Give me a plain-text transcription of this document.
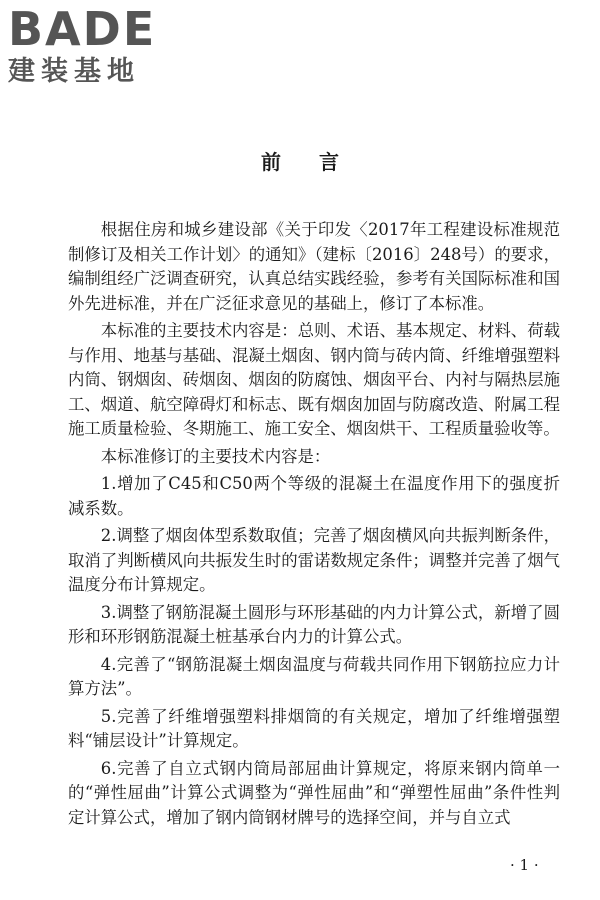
BADE
建装基地
前言

根据住房和城乡建设部《关于印发〈2017年工程建设标准规范制修订及相关工作计划〉的通知》（建标〔2016〕248号）的要求，编制组经广泛调查研究，认真总结实践经验，参考有关国际标准和国外先进标准，并在广泛征求意见的基础上，修订了本标准。

本标准的主要技术内容是：总则、术语、基本规定、材料、荷载与作用、地基与基础、混凝土烟囱、钢内筒与砖内筒、纤维增强塑料内筒、钢烟囱、砖烟囱、烟囱的防腐蚀、烟囱平台、内衬与隔热层施工、烟道、航空障碍灯和标志、既有烟囱加固与防腐改造、附属工程施工质量检验、冬期施工、施工安全、烟囱烘干、工程质量验收等。

本标准修订的主要技术内容是：

1.增加了C45和C50两个等级的混凝土在温度作用下的强度折减系数。

2.调整了烟囱体型系数取值；完善了烟囱横风向共振判断条件，取消了判断横风向共振发生时的雷诺数规定条件；调整并完善了烟气温度分布计算规定。

3.调整了钢筋混凝土圆形与环形基础的内力计算公式，新增了圆形和环形钢筋混凝土桩基承台内力的计算公式。

4.完善了“钢筋混凝土烟囱温度与荷载共同作用下钢筋拉应力计算方法”。

5.完善了纤维增强塑料排烟筒的有关规定，增加了纤维增强塑料“铺层设计”计算规定。

6.完善了自立式钢内筒局部屈曲计算规定，将原来钢内筒单一的“弹性屈曲”计算公式调整为“弹性屈曲”和“弹塑性屈曲”条件性判定计算公式，增加了钢内筒钢材牌号的选择空间，并与自立式

· 1 ·
